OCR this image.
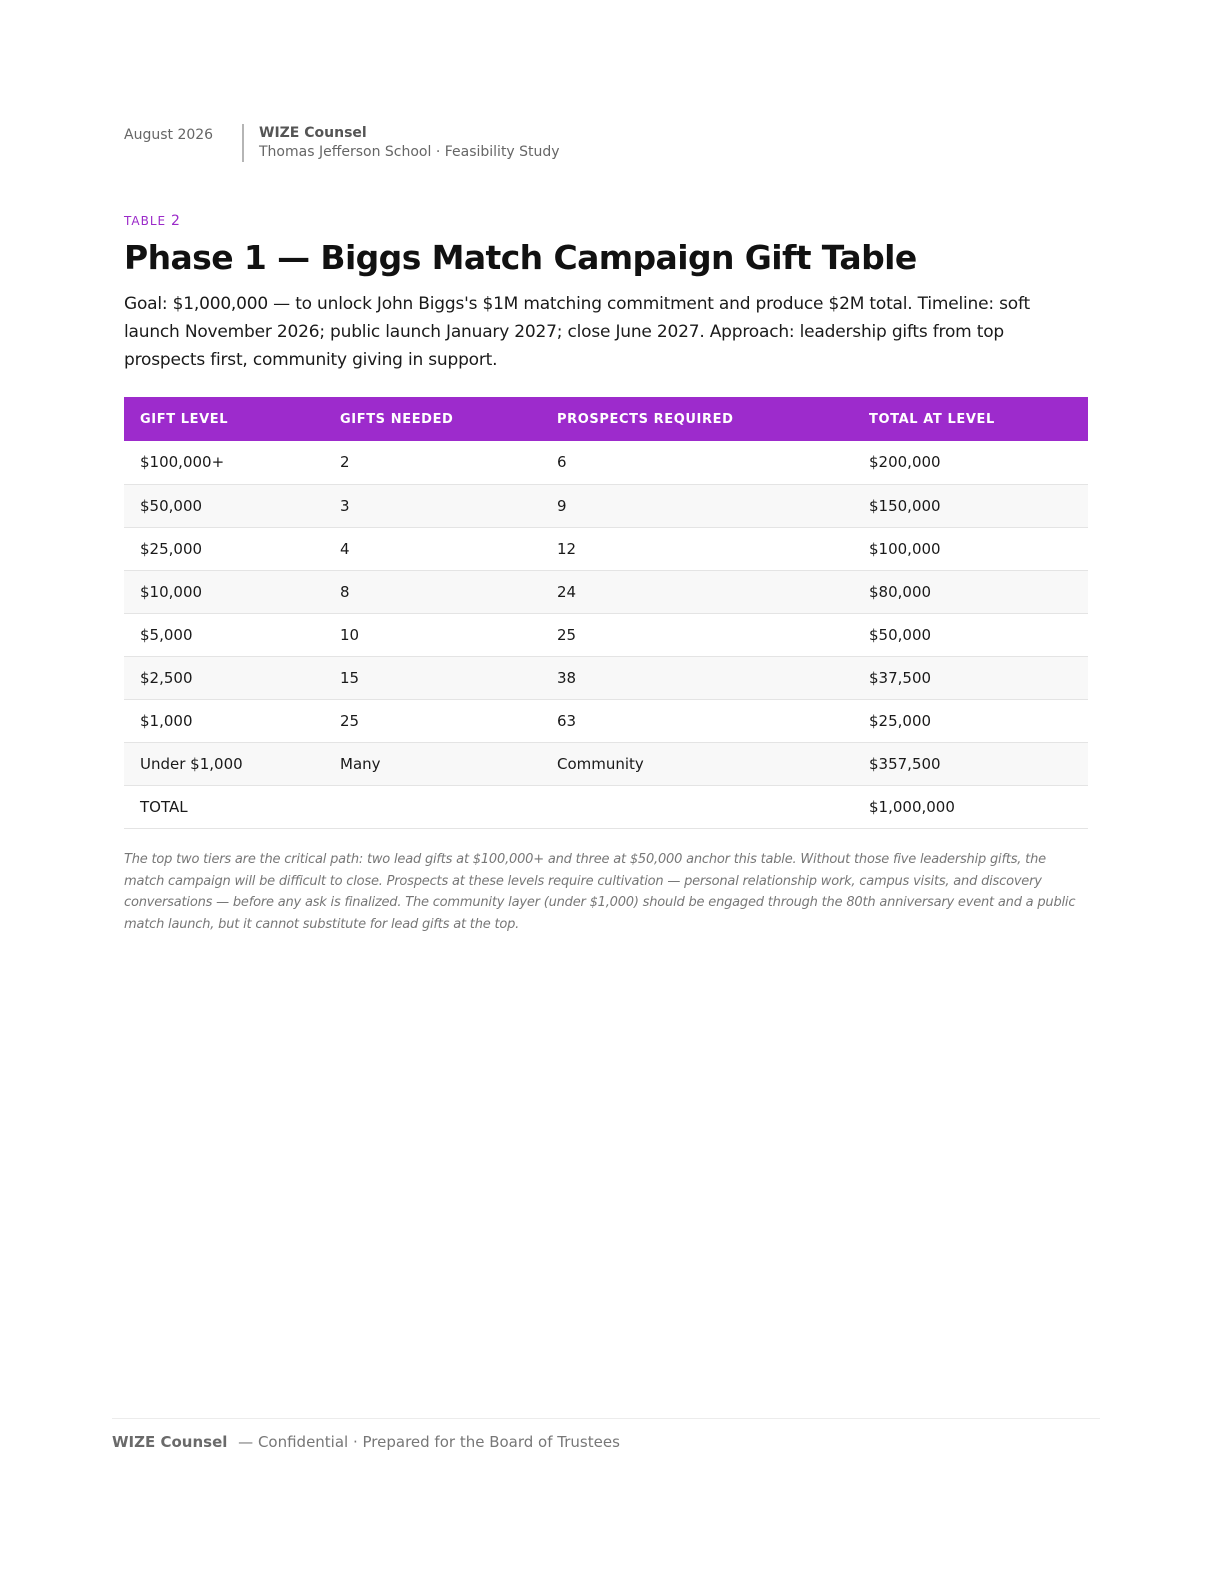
August 2026	WIZE Counsel
Thomas Jefferson School · Feasibility Study
TABLE 2
Phase 1 — Biggs Match Campaign Gift Table

Goal: $1,000,000 — to unlock John Biggs's $1M matching commitment and produce $2M total. Timeline: soft launch November 2026; public launch January 2027; close June 2027. Approach: leadership gifts from top prospects first, community giving in support.

GIFT LEVEL	GIFTS NEEDED	PROSPECTS REQUIRED	TOTAL AT LEVEL
$100,000+	2	6	$200,000
$50,000	3	9	$150,000
$25,000	4	12	$100,000
$10,000	8	24	$80,000
$5,000	10	25	$50,000
$2,500	15	38	$37,500
$1,000	25	63	$25,000
Under $1,000	Many	Community	$357,500
TOTAL			$1,000,000

The top two tiers are the critical path: two lead gifts at $100,000+ and three at $50,000 anchor this table. Without those five leadership gifts, the match campaign will be difficult to close. Prospects at these levels require cultivation — personal relationship work, campus visits, and discovery conversations — before any ask is finalized. The community layer (under $1,000) should be engaged through the 80th anniversary event and a public match launch, but it cannot substitute for lead gifts at the top.

WIZE Counsel — Confidential · Prepared for the Board of Trustees
